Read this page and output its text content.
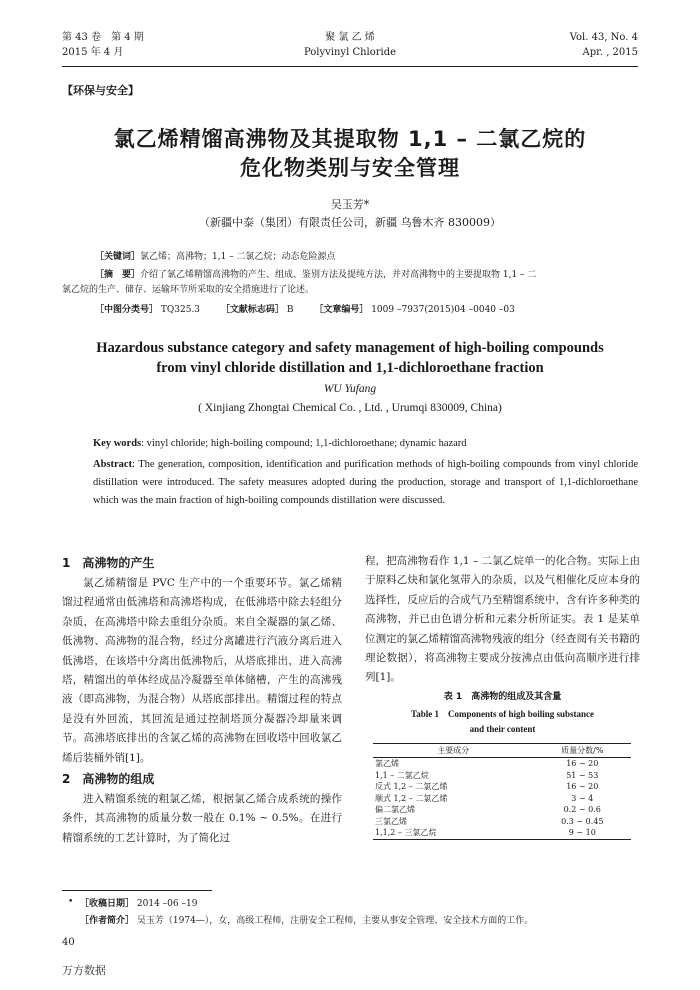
第 43 卷　第 4 期
2015 年 4 月
聚 氯 乙 烯
Polyvinyl Chloride
Vol. 43, No. 4
Apr. , 2015
【环保与安全】
氯乙烯精馏高沸物及其提取物 1,1 – 二氯乙烷的
危化物类别与安全管理
吴玉芳*
（新疆中泰（集团）有限责任公司，新疆 乌鲁木齐 830009）
［关键词］氯乙烯；高沸物；1,1 – 二氯乙烷；动态危险源点
［摘　要］介绍了氯乙烯精馏高沸物的产生、组成、鉴别方法及提纯方法，并对高沸物中的主要提取物 1,1 – 二
氯乙烷的生产、储存、运输环节所采取的安全措施进行了论述。
［中图分类号］ TQ325.3 ［文献标志码］ B ［文章编号］ 1009 –7937(2015)04 –0040 –03
Hazardous substance category and safety management of high-boiling compounds
from vinyl chloride distillation and 1,1-dichloroethane fraction
WU Yufang
( Xinjiang Zhongtai Chemical Co. , Ltd. , Urumqi 830009, China)
Key words: vinyl chloride; high-boiling compound; 1,1-dichloroethane; dynamic hazard
Abstract: The generation, composition, identification and purification methods of high-boiling compounds from vinyl chloride distillation were introduced. The safety measures adopted during the production, storage and transport of 1,1-dichloroethane which was the main fraction of high-boiling compounds distillation were discussed.
1　高沸物的产生
氯乙烯精馏是 PVC 生产中的一个重要环节。氯乙烯精馏过程通常由低沸塔和高沸塔构成，在低沸塔中除去轻组分杂质，在高沸塔中除去重组分杂质。来自全凝器的氯乙烯、低沸物、高沸物的混合物，经过分离罐进行汽液分离后进入低沸塔，在该塔中分离出低沸物后，从塔底排出，进入高沸塔，精馏出的单体经成品冷凝器至单体储槽，产生的高沸残液（即高沸物，为混合物）从塔底部排出。精馏过程的特点是没有外回流，其回流是通过控制塔顶分凝器冷却量来调节。高沸塔底排出的含氯乙烯的高沸物在回收塔中回收氯乙烯后装桶外销[1]。
2　高沸物的组成
进入精馏系统的粗氯乙烯，根据氯乙烯合成系统的操作条件，其高沸物的质量分数一般在 0.1% ~ 0.5%。在进行精馏系统的工艺计算时，为了简化过
程，把高沸物看作 1,1 – 二氯乙烷单一的化合物。实际上由于原料乙炔和氯化氢带入的杂质，以及气相催化反应本身的选择性，反应后的合成气乃至精馏系统中，含有许多种类的高沸物，并已由色谱分析和元素分析所证实。表 1 是某单位测定的氯乙烯精馏高沸物残液的组分（经查阅有关书籍的理论数据），将高沸物主要成分按沸点由低向高顺序进行排列[1]。
表 1　高沸物的组成及其含量
Table 1　Components of high boiling substance
and their content
主要成分	质量分数/%
氯乙烯	16 ~ 20
1,1 – 二氯乙烷	51 ~ 53
反式 1,2 – 二氯乙烯	16 ~ 20
顺式 1,2 – 二氯乙烯	3 ~ 4
偏二氯乙烯	0.2 ~ 0.6
三氯乙烯	0.3 ~ 0.45
1,1,2 – 三氯乙烷	9 ~ 10
• ［收稿日期］ 2014 –06 –19
［作者简介］ 吴玉芳（1974—），女，高级工程师，注册安全工程师，主要从事安全管理、安全技术方面的工作。
40
万方数据
